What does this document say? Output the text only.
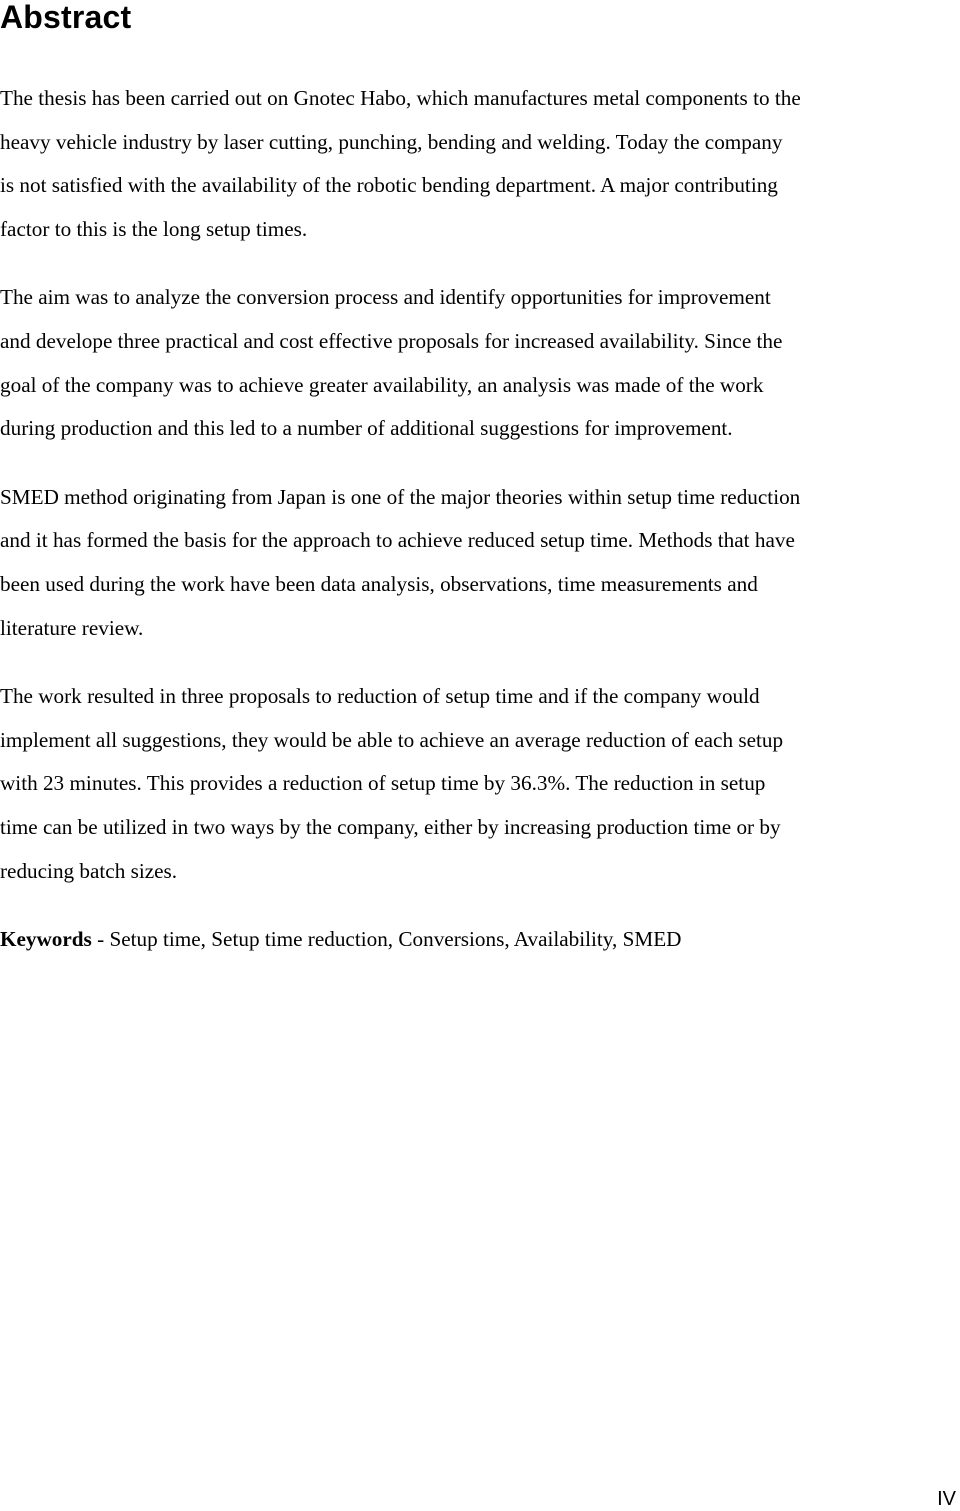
Abstract

The thesis has been carried out on Gnotec Habo, which manufactures metal components to the
heavy vehicle industry by laser cutting, punching, bending and welding. Today the company
is not satisfied with the availability of the robotic bending department. A major contributing
factor to this is the long setup times.

The aim was to analyze the conversion process and identify opportunities for improvement
and develope three practical and cost effective proposals for increased availability. Since the
goal of the company was to achieve greater availability, an analysis was made of the work
during production and this led to a number of additional suggestions for improvement.

SMED method originating from Japan is one of the major theories within setup time reduction
and it has formed the basis for the approach to achieve reduced setup time. Methods that have
been used during the work have been data analysis, observations, time measurements and
literature review.

The work resulted in three proposals to reduction of setup time and if the company would
implement all suggestions, they would be able to achieve an average reduction of each setup
with 23 minutes. This provides a reduction of setup time by 36.3%. The reduction in setup
time can be utilized in two ways by the company, either by increasing production time or by
reducing batch sizes.

Keywords - Setup time, Setup time reduction, Conversions, Availability, SMED

IV
